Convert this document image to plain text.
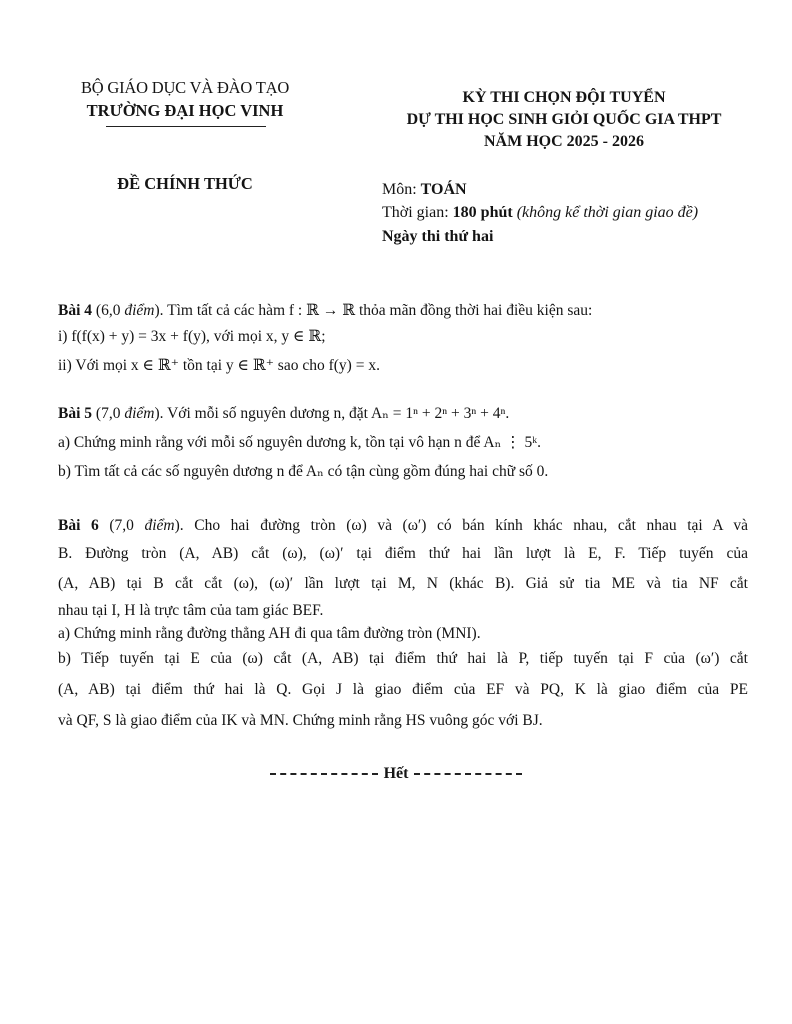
BỘ GIÁO DỤC VÀ ĐÀO TẠO
TRƯỜNG ĐẠI HỌC VINH
ĐỀ CHÍNH THỨC
KỲ THI CHỌN ĐỘI TUYỂN
DỰ THI HỌC SINH GIỎI QUỐC GIA THPT
NĂM HỌC 2025 - 2026
Môn: TOÁN
Thời gian: 180 phút (không kể thời gian giao đề)
Ngày thi thứ hai
Bài 4 (6,0 điểm). Tìm tất cả các hàm f : ℝ → ℝ thỏa mãn đồng thời hai điều kiện sau:
i) f(f(x) + y) = 3x + f(y), với mọi x, y ∈ ℝ;
ii) Với mọi x ∈ ℝ⁺ tồn tại y ∈ ℝ⁺ sao cho f(y) = x.
Bài 5 (7,0 điểm). Với mỗi số nguyên dương n, đặt Aₙ = 1ⁿ + 2ⁿ + 3ⁿ + 4ⁿ.
a) Chứng minh rằng với mỗi số nguyên dương k, tồn tại vô hạn n để Aₙ ⋮ 5ᵏ.
b) Tìm tất cả các số nguyên dương n để Aₙ có tận cùng gồm đúng hai chữ số 0.
Bài 6 (7,0 điểm). Cho hai đường tròn (ω) và (ω′) có bán kính khác nhau, cắt nhau tại A và
B. Đường tròn (A, AB) cắt (ω), (ω)′ tại điểm thứ hai lần lượt là E, F. Tiếp tuyến của
(A, AB) tại B cắt cắt (ω), (ω)′ lần lượt tại M, N (khác B). Giả sử tia ME và tia NF cắt
nhau tại I, H là trực tâm của tam giác BEF.
a) Chứng minh rằng đường thẳng AH đi qua tâm đường tròn (MNI).
b) Tiếp tuyến tại E của (ω) cắt (A, AB) tại điểm thứ hai là P, tiếp tuyến tại F của (ω′) cắt
(A, AB) tại điểm thứ hai là Q. Gọi J là giao điểm của EF và PQ, K là giao điểm của PE
và QF, S là giao điểm của IK và MN. Chứng minh rằng HS vuông góc với BJ.
Hết
